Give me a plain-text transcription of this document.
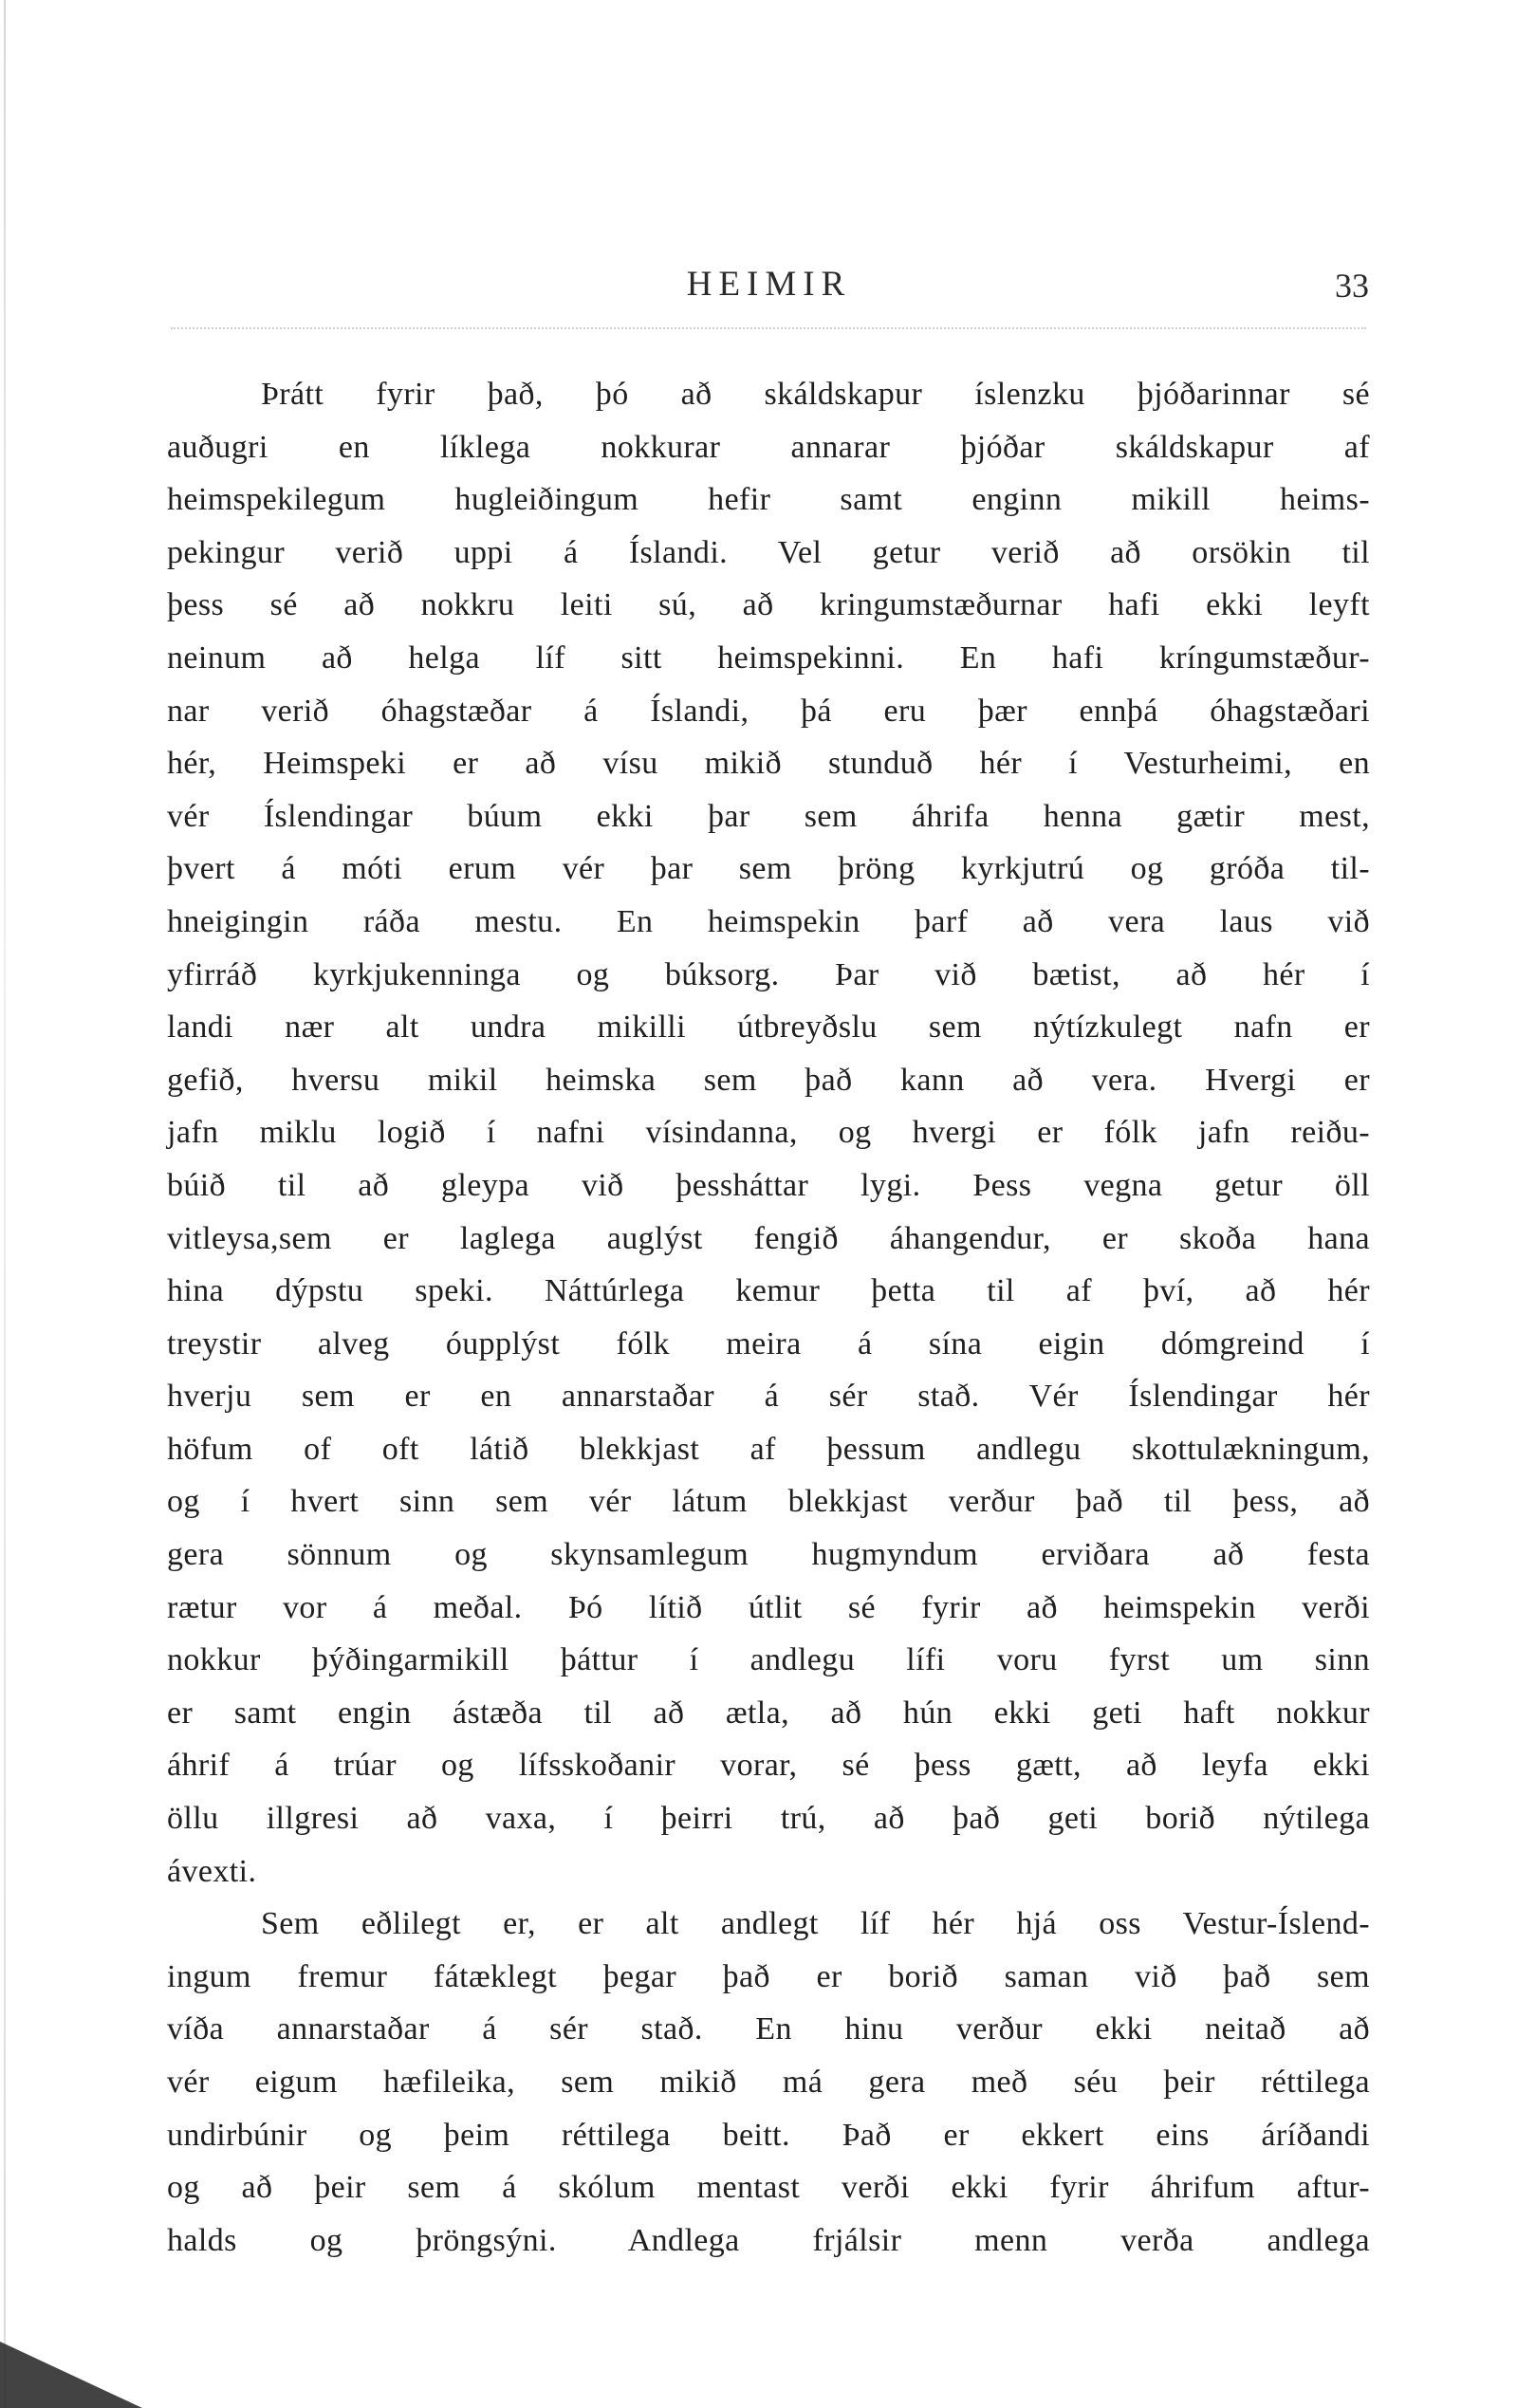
HEIMIR	33
Þrátt fyrir það, þó að skáldskapur íslenzku þjóðarinnar sé
auðugri en líklega nokkurar annarar þjóðar skáldskapur af
heimspekilegum hugleiðingum hefir samt enginn mikill heims-
pekingur verið uppi á Íslandi. Vel getur verið að orsökin til
þess sé að nokkru leiti sú, að kringumstæðurnar hafi ekki leyft
neinum að helga líf sitt heimspekinni. En hafi kríngumstæður-
nar verið óhagstæðar á Íslandi, þá eru þær ennþá óhagstæðari
hér, Heimspeki er að vísu mikið stunduð hér í Vesturheimi, en
vér Íslendingar búum ekki þar sem áhrifa henna gætir mest,
þvert á móti erum vér þar sem þröng kyrkjutrú og gróða til-
hneigingin ráða mestu. En heimspekin þarf að vera laus við
yfirráð kyrkjukenninga og búksorg. Þar við bætist, að hér í
landi nær alt undra mikilli útbreyðslu sem nýtízkulegt nafn er
gefið, hversu mikil heimska sem það kann að vera. Hvergi er
jafn miklu logið í nafni vísindanna, og hvergi er fólk jafn reiðu-
búið til að gleypa við þessháttar lygi. Þess vegna getur öll
vitleysa,sem er laglega auglýst fengið áhangendur, er skoða hana
hina dýpstu speki. Náttúrlega kemur þetta til af því, að hér
treystir alveg óupplýst fólk meira á sína eigin dómgreind í
hverju sem er en annarstaðar á sér stað. Vér Íslendingar hér
höfum of oft látið blekkjast af þessum andlegu skottulækningum,
og í hvert sinn sem vér látum blekkjast verður það til þess, að
gera sönnum og skynsamlegum hugmyndum erviðara að festa
rætur vor á meðal. Þó lítið útlit sé fyrir að heimspekin verði
nokkur þýðingarmikill þáttur í andlegu lífi voru fyrst um sinn
er samt engin ástæða til að ætla, að hún ekki geti haft nokkur
áhrif á trúar og lífsskoðanir vorar, sé þess gætt, að leyfa ekki
öllu illgresi að vaxa, í þeirri trú, að það geti borið nýtilega
ávexti.
Sem eðlilegt er, er alt andlegt líf hér hjá oss Vestur-Íslend-
ingum fremur fátæklegt þegar það er borið saman við það sem
víða annarstaðar á sér stað. En hinu verður ekki neitað að
vér eigum hæfileika, sem mikið má gera með séu þeir réttilega
undirbúnir og þeim réttilega beitt. Það er ekkert eins áríðandi
og að þeir sem á skólum mentast verði ekki fyrir áhrifum aftur-
halds og þröngsýni. Andlega frjálsir menn verða andlega
